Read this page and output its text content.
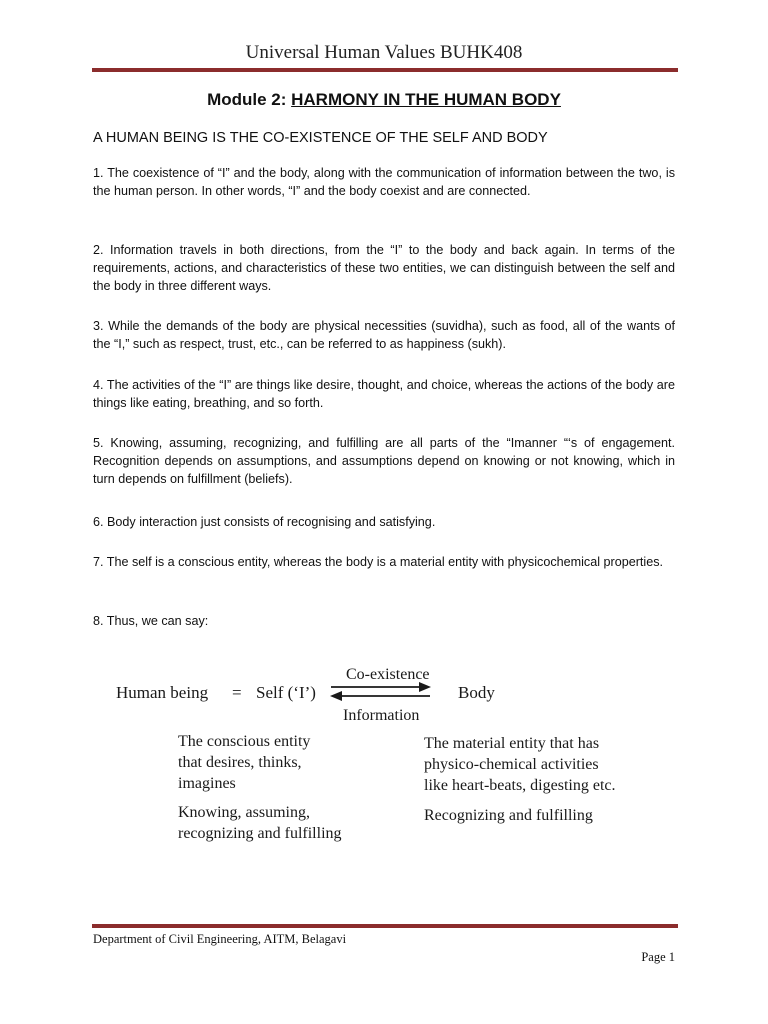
Universal Human Values BUHK408
Module 2: HARMONY IN THE HUMAN BODY
A HUMAN BEING IS THE CO-EXISTENCE OF THE SELF AND BODY

1. The coexistence of “I” and the body, along with the communication of information between the two, is the human person. In other words, “I” and the body coexist and are connected.

2. Information travels in both directions, from the “I” to the body and back again. In terms of the requirements, actions, and characteristics of these two entities, we can distinguish between the self and the body in three different ways.

3. While the demands of the body are physical necessities (suvidha), such as food, all of the wants of the “I,” such as respect, trust, etc., can be referred to as happiness (sukh).

4. The activities of the “I” are things like desire, thought, and choice, whereas the actions of the body are things like eating, breathing, and so forth.

5. Knowing, assuming, recognizing, and fulfilling are all parts of the “Imanner “‘s of engagement. Recognition depends on assumptions, and assumptions depend on knowing or not knowing, which in turn depends on fulfillment (beliefs).

6. Body interaction just consists of recognising and satisfying.

7. The self is a conscious entity, whereas the body is a material entity with physicochemical properties.

8. Thus, we can say:

Human being = Self (‘I’)
Co-existence
Information
Body
The conscious entity
that desires, thinks,
imagines
Knowing, assuming,
recognizing and fulfilling
The material entity that has
physico-chemical activities
like heart-beats, digesting etc.
Recognizing and fulfilling
Department of Civil Engineering, AITM, Belagavi
Page 1
